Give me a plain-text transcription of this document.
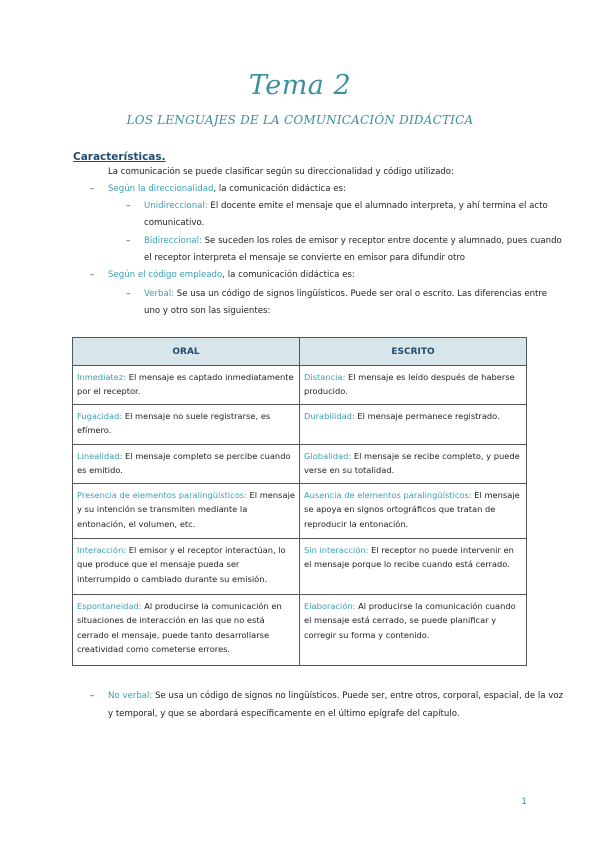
Tema 2
LOS LENGUAJES DE LA COMUNICACIÓN DIDÁCTICA
Características.
La comunicación se puede clasificar según su direccionalidad y código utilizado:
– Según la direccionalidad, la comunicación didáctica es:
– Unidireccional: El docente emite el mensaje que el alumnado interpreta, y ahí termina el acto
comunicativo.
– Bidireccional: Se suceden los roles de emisor y receptor entre docente y alumnado, pues cuando
el receptor interpreta el mensaje se convierte en emisor para difundir otro
– Según el código empleado, la comunicación didáctica es:
– Verbal: Se usa un código de signos lingüísticos. Puede ser oral o escrito. Las diferencias entre
uno y otro son las siguientes:
ORAL	ESCRITO
Inmediatez: El mensaje es captado inmediatamente por el receptor.	Distancia: El mensaje es leído después de haberse producido.
Fugacidad: El mensaje no suele registrarse, es efímero.	Durabilidad: El mensaje permanece registrado.
Linealidad: El mensaje completo se percibe cuando es emitido.	Globalidad: El mensaje se recibe completo, y puede verse en su totalidad.
Presencia de elementos paralingüísticos: El mensaje y su intención se transmiten mediante la entonación, el volumen, etc.	Ausencia de elementos paralingüísticos: El mensaje se apoya en signos ortográficos que tratan de reproducir la entonación.
Interacción: El emisor y el receptor interactúan, lo que produce que el mensaje pueda ser interrumpido o cambiado durante su emisión.	Sin interacción: El receptor no puede intervenir en el mensaje porque lo recibe cuando está cerrado.
Espontaneidad: Al producirse la comunicación en situaciones de interacción en las que no está cerrado el mensaje, puede tanto desarrollarse creatividad como cometerse errores.	Elaboración: Al producirse la comunicación cuando el mensaje está cerrado, se puede planificar y corregir su forma y contenido.
– No verbal: Se usa un código de signos no lingüísticos. Puede ser, entre otros, corporal, espacial, de la voz
y temporal, y que se abordará específicamente en el último epígrafe del capítulo.
1
